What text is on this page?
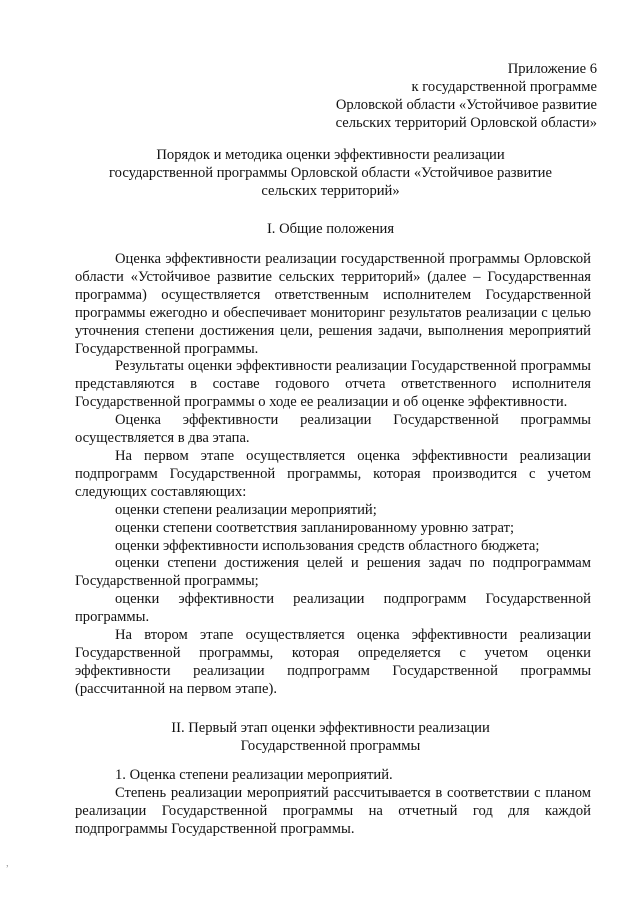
Приложение 6
к государственной программе
Орловской области «Устойчивое развитие
сельских территорий Орловской области»
Порядок и методика оценки эффективности реализации
государственной программы Орловской области «Устойчивое развитие
сельских территорий»
I. Общие положения

Оценка эффективности реализации государственной программы Орловской области «Устойчивое развитие сельских территорий» (далее – Государственная программа) осуществляется ответственным исполнителем Государственной программы ежегодно и обеспечивает мониторинг результатов реализации с целью уточнения степени достижения цели, решения задачи, выполнения мероприятий Государственной программы.

Результаты оценки эффективности реализации Государственной программы представляются в составе годового отчета ответственного исполнителя Государственной программы о ходе ее реализации и об оценке эффективности.

Оценка эффективности реализации Государственной программы осуществляется в два этапа.

На первом этапе осуществляется оценка эффективности реализации подпрограмм Государственной программы, которая производится с учетом следующих составляющих:

оценки степени реализации мероприятий;

оценки степени соответствия запланированному уровню затрат;

оценки эффективности использования средств областного бюджета;

оценки степени достижения целей и решения задач по подпрограммам Государственной программы;

оценки эффективности реализации подпрограмм Государственной программы.

На втором этапе осуществляется оценка эффективности реализации Государственной программы, которая определяется с учетом оценки эффективности реализации подпрограмм Государственной программы (рассчитанной на первом этапе).

II. Первый этап оценки эффективности реализации
Государственной программы

1. Оценка степени реализации мероприятий.

Степень реализации мероприятий рассчитывается в соответствии с планом реализации Государственной программы на отчетный год для каждой подпрограммы Государственной программы.

,
